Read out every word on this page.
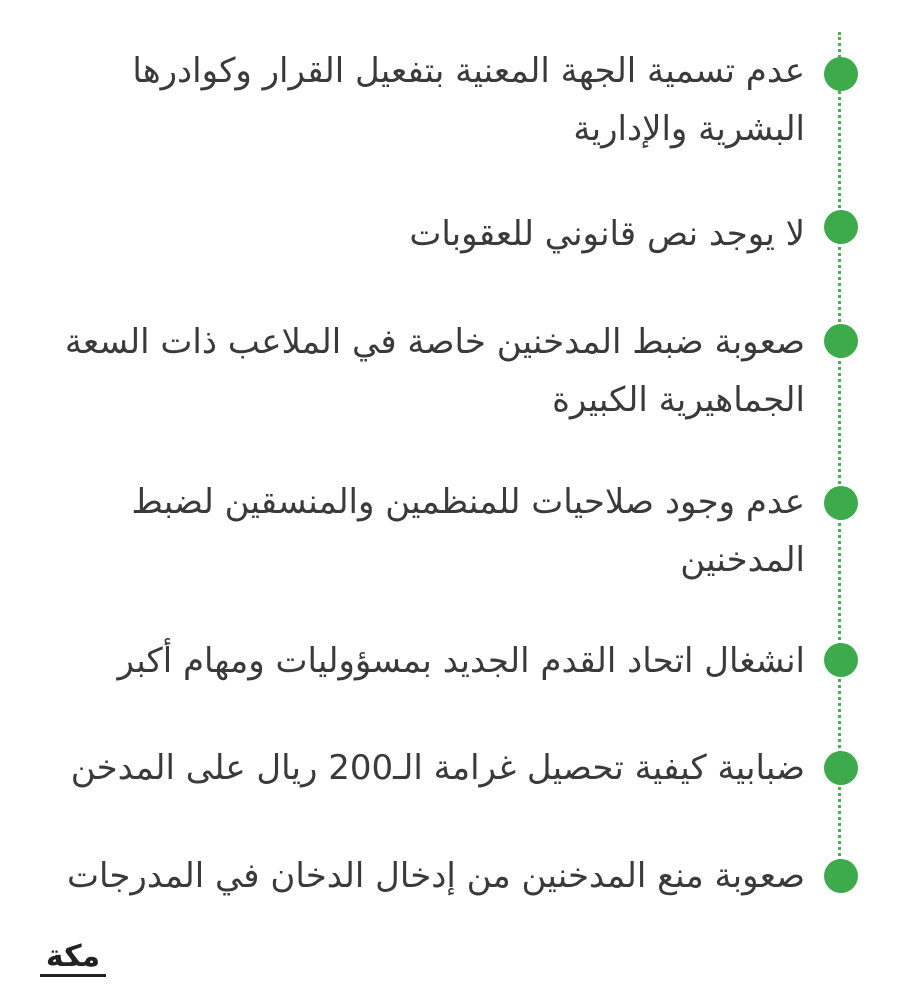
عدم تسمية الجهة المعنية بتفعيل القرار وكوادرها البشرية والإدارية
لا يوجد نص قانوني للعقوبات
صعوبة ضبط المدخنين خاصة في الملاعب ذات السعة الجماهيرية الكبيرة
عدم وجود صلاحيات للمنظمين والمنسقين لضبط المدخنين
انشغال اتحاد القدم الجديد بمسؤوليات ومهام أكبر
ضبابية كيفية تحصيل غرامة الـ200 ريال على المدخن
صعوبة منع المدخنين من إدخال الدخان في المدرجات
مكة
